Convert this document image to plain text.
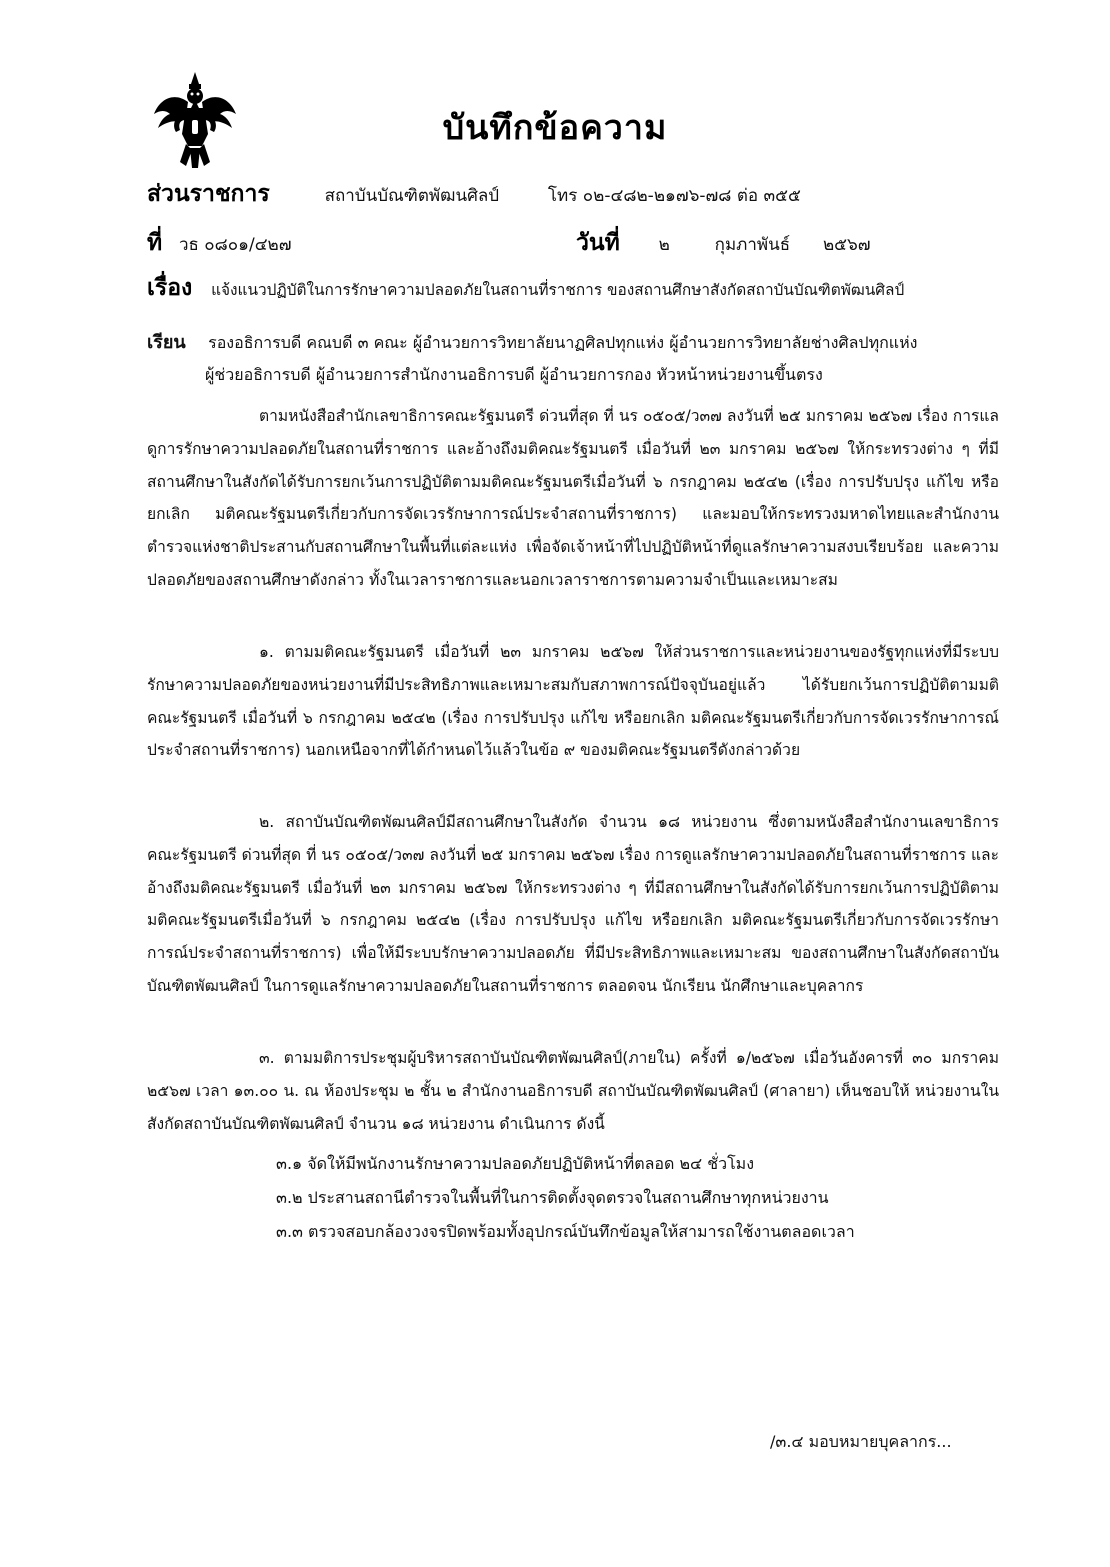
บันทึกข้อความ
ส่วนราชการ	สถาบันบัณฑิตพัฒนศิลป์	โทร ๐๒-๔๘๒-๒๑๗๖-๗๘ ต่อ ๓๕๕
ที่ วธ ๐๘๐๑/๔๒๗	วันที่ ๒	กุมภาพันธ์ ๒๕๖๗
เรื่อง แจ้งแนวปฏิบัติในการรักษาความปลอดภัยในสถานที่ราชการ ของสถานศึกษาสังกัดสถาบันบัณฑิตพัฒนศิลป์
เรียน รองอธิการบดี คณบดี ๓ คณะ ผู้อำนวยการวิทยาลัยนาฏศิลปทุกแห่ง ผู้อำนวยการวิทยาลัยช่างศิลปทุกแห่ง
ผู้ช่วยอธิการบดี ผู้อำนวยการสำนักงานอธิการบดี ผู้อำนวยการกอง หัวหน้าหน่วยงานขึ้นตรง

ตามหนังสือสำนักเลขาธิการคณะรัฐมนตรี ด่วนที่สุด ที่ นร ๐๕๐๕/ว๓๗ ลงวันที่ ๒๕ มกราคม ๒๕๖๗ เรื่อง การแลดูการรักษาความปลอดภัยในสถานที่ราชการ และอ้างถึงมติคณะรัฐมนตรี เมื่อวันที่ ๒๓ มกราคม ๒๕๖๗ ให้กระทรวงต่าง ๆ ที่มีสถานศึกษาในสังกัดได้รับการยกเว้นการปฏิบัติตามมติคณะรัฐมนตรีเมื่อวันที่ ๖ กรกฎาคม ๒๕๔๒ (เรื่อง การปรับปรุง แก้ไข หรือยกเลิก มติคณะรัฐมนตรีเกี่ยวกับการจัดเวรรักษาการณ์ประจำสถานที่ราชการ) และมอบให้กระทรวงมหาดไทยและสำนักงานตำรวจแห่งชาติประสานกับสถานศึกษาในพื้นที่แต่ละแห่ง เพื่อจัดเจ้าหน้าที่ไปปฏิบัติหน้าที่ดูแลรักษาความสงบเรียบร้อย และความปลอดภัยของสถานศึกษาดังกล่าว ทั้งในเวลาราชการและนอกเวลาราชการตามความจำเป็นและเหมาะสม

๑. ตามมติคณะรัฐมนตรี เมื่อวันที่ ๒๓ มกราคม ๒๕๖๗ ให้ส่วนราชการและหน่วยงานของรัฐทุกแห่งที่มีระบบรักษาความปลอดภัยของหน่วยงานที่มีประสิทธิภาพและเหมาะสมกับสภาพการณ์ปัจจุบันอยู่แล้ว ได้รับยกเว้นการปฏิบัติตามมติคณะรัฐมนตรี เมื่อวันที่ ๖ กรกฎาคม ๒๕๔๒ (เรื่อง การปรับปรุง แก้ไข หรือยกเลิก มติคณะรัฐมนตรีเกี่ยวกับการจัดเวรรักษาการณ์ประจำสถานที่ราชการ) นอกเหนือจากที่ได้กำหนดไว้แล้วในข้อ ๙ ของมติคณะรัฐมนตรีดังกล่าวด้วย

๒. สถาบันบัณฑิตพัฒนศิลป์มีสถานศึกษาในสังกัด จำนวน ๑๘ หน่วยงาน ซึ่งตามหนังสือสำนักงานเลขาธิการคณะรัฐมนตรี ด่วนที่สุด ที่ นร ๐๕๐๕/ว๓๗ ลงวันที่ ๒๕ มกราคม ๒๕๖๗ เรื่อง การดูแลรักษาความปลอดภัยในสถานที่ราชการ และอ้างถึงมติคณะรัฐมนตรี เมื่อวันที่ ๒๓ มกราคม ๒๕๖๗ ให้กระทรวงต่าง ๆ ที่มีสถานศึกษาในสังกัดได้รับการยกเว้นการปฏิบัติตามมติคณะรัฐมนตรีเมื่อวันที่ ๖ กรกฎาคม ๒๕๔๒ (เรื่อง การปรับปรุง แก้ไข หรือยกเลิก มติคณะรัฐมนตรีเกี่ยวกับการจัดเวรรักษาการณ์ประจำสถานที่ราชการ) เพื่อให้มีระบบรักษาความปลอดภัย ที่มีประสิทธิภาพและเหมาะสม ของสถานศึกษาในสังกัดสถาบันบัณฑิตพัฒนศิลป์ ในการดูแลรักษาความปลอดภัยในสถานที่ราชการ ตลอดจน นักเรียน นักศึกษาและบุคลากร

๓. ตามมติการประชุมผู้บริหารสถาบันบัณฑิตพัฒนศิลป์(ภายใน) ครั้งที่ ๑/๒๕๖๗ เมื่อวันอังคารที่ ๓๐ มกราคม ๒๕๖๗ เวลา ๑๓.๐๐ น. ณ ห้องประชุม ๒ ชั้น ๒ สำนักงานอธิการบดี สถาบันบัณฑิตพัฒนศิลป์ (ศาลายา) เห็นชอบให้ หน่วยงานในสังกัดสถาบันบัณฑิตพัฒนศิลป์ จำนวน ๑๘ หน่วยงาน ดำเนินการ ดังนี้

๓.๑ จัดให้มีพนักงานรักษาความปลอดภัยปฏิบัติหน้าที่ตลอด ๒๔ ชั่วโมง
๓.๒ ประสานสถานีตำรวจในพื้นที่ในการติดตั้งจุดตรวจในสถานศึกษาทุกหน่วยงาน
๓.๓ ตรวจสอบกล้องวงจรปิดพร้อมทั้งอุปกรณ์บันทึกข้อมูลให้สามารถใช้งานตลอดเวลา
/๓.๔ มอบหมายบุคลากร...
